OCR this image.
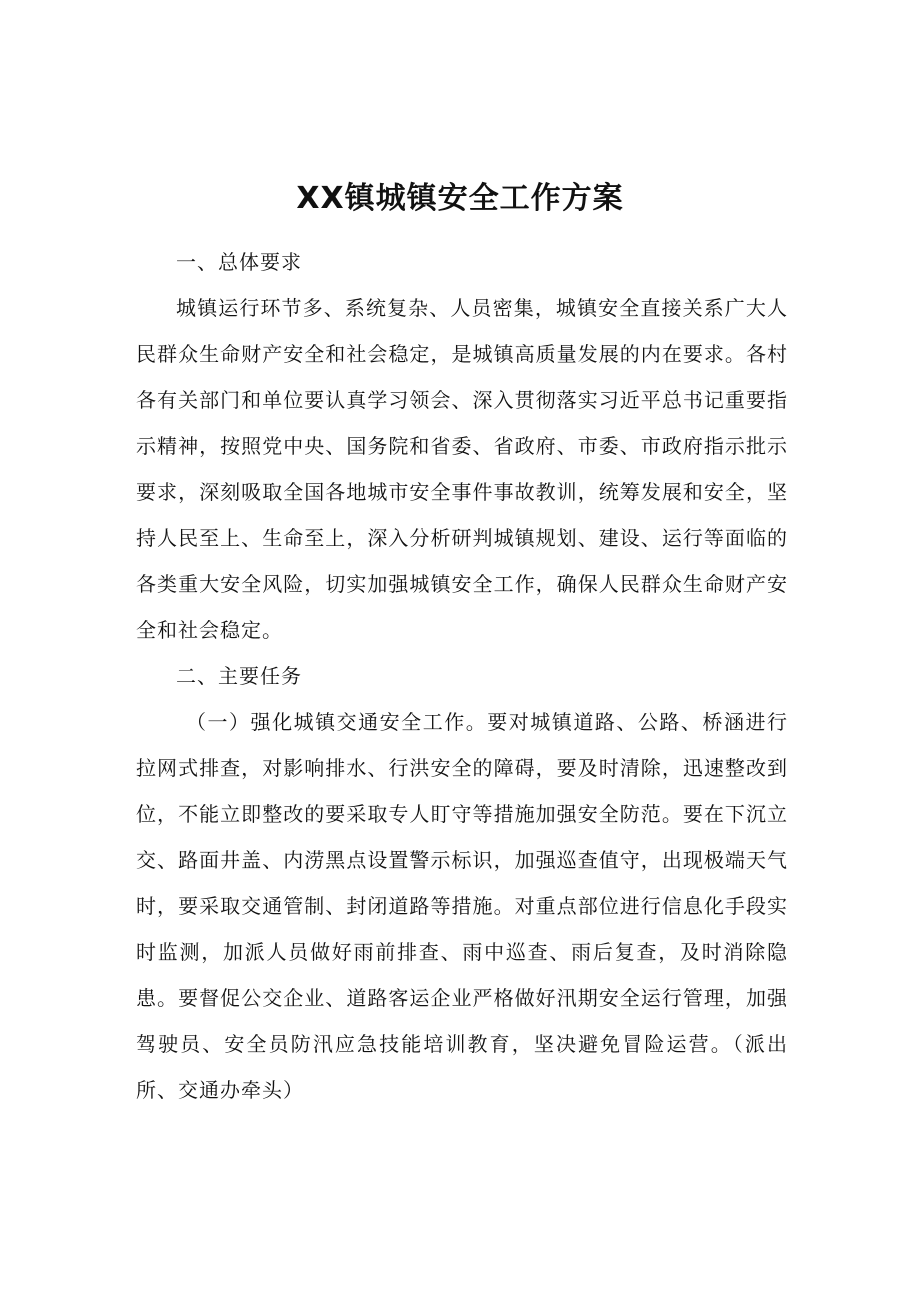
XX镇城镇安全工作方案

一、总体要求

城镇运行环节多、系统复杂、人员密集，城镇安全直接关系广大人民群众生命财产安全和社会稳定，是城镇高质量发展的内在要求。各村各有关部门和单位要认真学习领会、深入贯彻落实习近平总书记重要指示精神，按照党中央、国务院和省委、省政府、市委、市政府指示批示要求，深刻吸取全国各地城市安全事件事故教训，统筹发展和安全，坚持人民至上、生命至上，深入分析研判城镇规划、建设、运行等面临的各类重大安全风险，切实加强城镇安全工作，确保人民群众生命财产安全和社会稳定。

二、主要任务

（一）强化城镇交通安全工作。要对城镇道路、公路、桥涵进行拉网式排查，对影响排水、行洪安全的障碍，要及时清除，迅速整改到位，不能立即整改的要采取专人盯守等措施加强安全防范。要在下沉立交、路面井盖、内涝黑点设置警示标识，加强巡查值守，出现极端天气时，要采取交通管制、封闭道路等措施。对重点部位进行信息化手段实时监测，加派人员做好雨前排查、雨中巡查、雨后复查，及时消除隐患。要督促公交企业、道路客运企业严格做好汛期安全运行管理，加强驾驶员、安全员防汛应急技能培训教育，坚决避免冒险运营。（派出所、交通办牵头）
